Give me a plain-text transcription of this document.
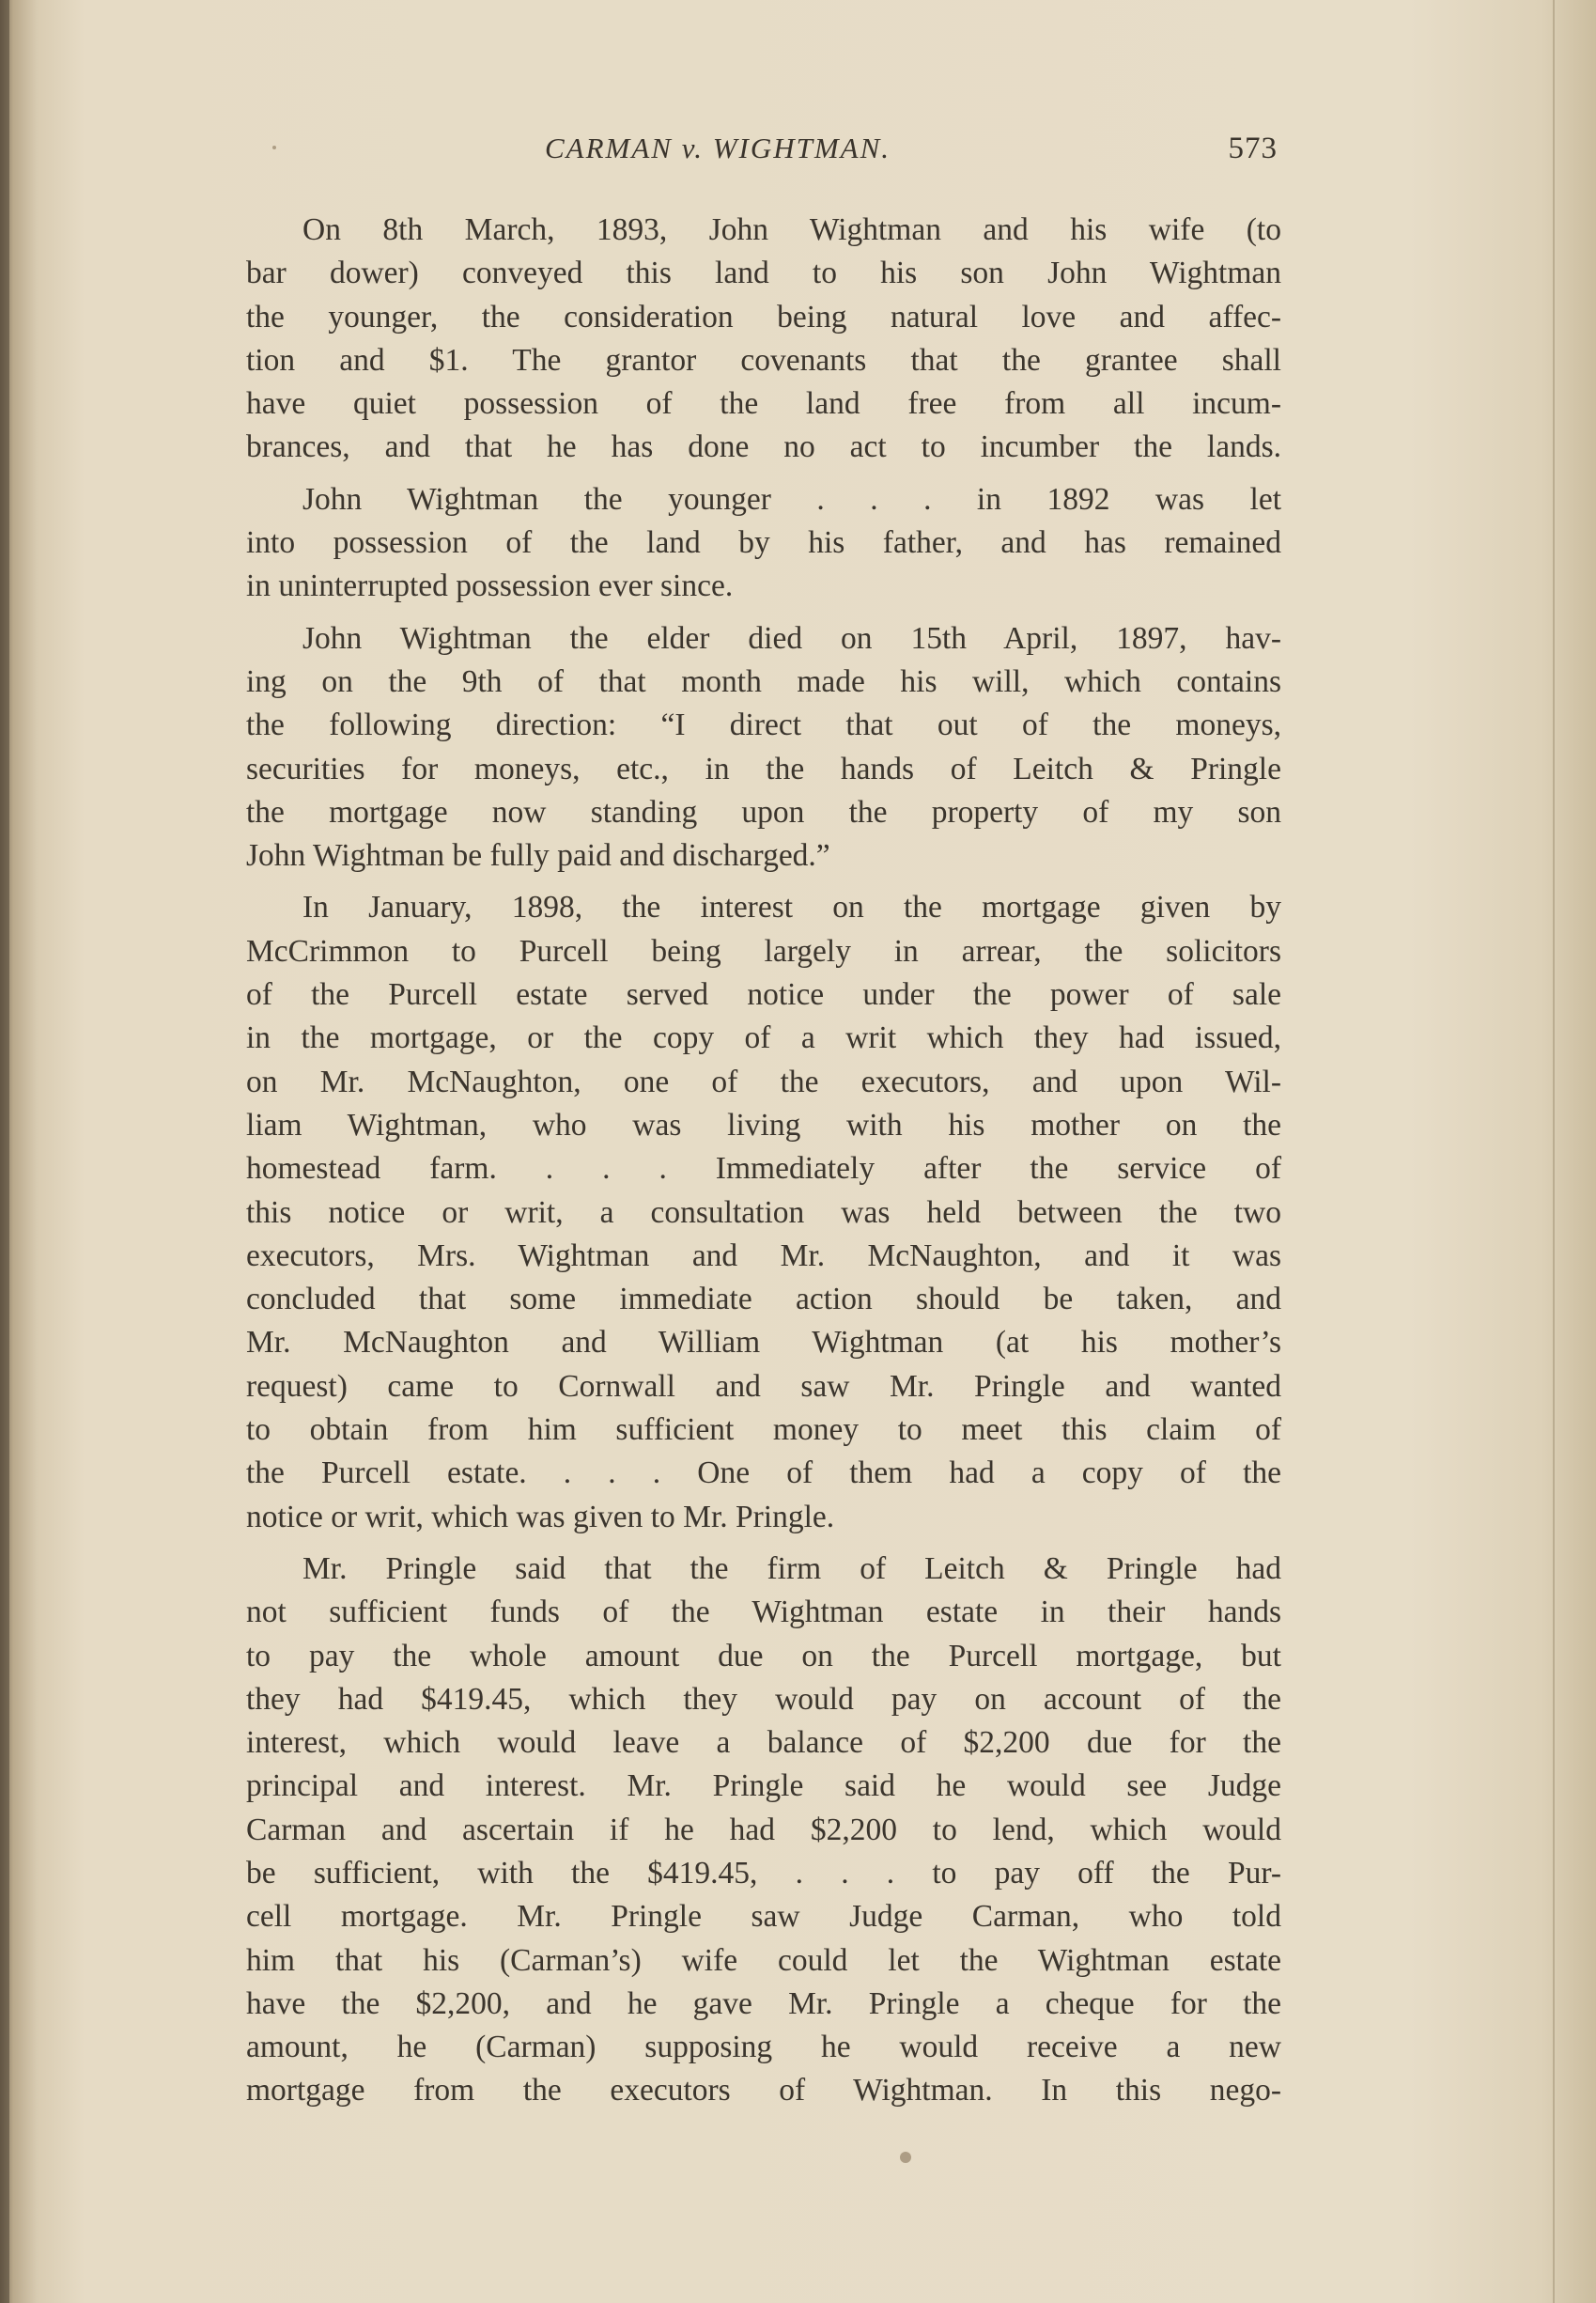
CARMAN v. WIGHTMAN.	573
On 8th March, 1893, John Wightman and his wife (to
bar dower) conveyed this land to his son John Wightman
the younger, the consideration being natural love and affec-
tion and $1. The grantor covenants that the grantee shall
have quiet possession of the land free from all incum-
brances, and that he has done no act to incumber the lands.
John Wightman the younger . . . in 1892 was let
into possession of the land by his father, and has remained
in uninterrupted possession ever since.
John Wightman the elder died on 15th April, 1897, hav-
ing on the 9th of that month made his will, which contains
the following direction: “I direct that out of the moneys,
securities for moneys, etc., in the hands of Leitch & Pringle
the mortgage now standing upon the property of my son
John Wightman be fully paid and discharged.”
In January, 1898, the interest on the mortgage given by
McCrimmon to Purcell being largely in arrear, the solicitors
of the Purcell estate served notice under the power of sale
in the mortgage, or the copy of a writ which they had issued,
on Mr. McNaughton, one of the executors, and upon Wil-
liam Wightman, who was living with his mother on the
homestead farm. . . . Immediately after the service of
this notice or writ, a consultation was held between the two
executors, Mrs. Wightman and Mr. McNaughton, and it was
concluded that some immediate action should be taken, and
Mr. McNaughton and William Wightman (at his mother’s
request) came to Cornwall and saw Mr. Pringle and wanted
to obtain from him sufficient money to meet this claim of
the Purcell estate. . . . One of them had a copy of the
notice or writ, which was given to Mr. Pringle.
Mr. Pringle said that the firm of Leitch & Pringle had
not sufficient funds of the Wightman estate in their hands
to pay the whole amount due on the Purcell mortgage, but
they had $419.45, which they would pay on account of the
interest, which would leave a balance of $2,200 due for the
principal and interest. Mr. Pringle said he would see Judge
Carman and ascertain if he had $2,200 to lend, which would
be sufficient, with the $419.45, . . . to pay off the Pur-
cell mortgage. Mr. Pringle saw Judge Carman, who told
him that his (Carman’s) wife could let the Wightman estate
have the $2,200, and he gave Mr. Pringle a cheque for the
amount, he (Carman) supposing he would receive a new
mortgage from the executors of Wightman. In this nego-
